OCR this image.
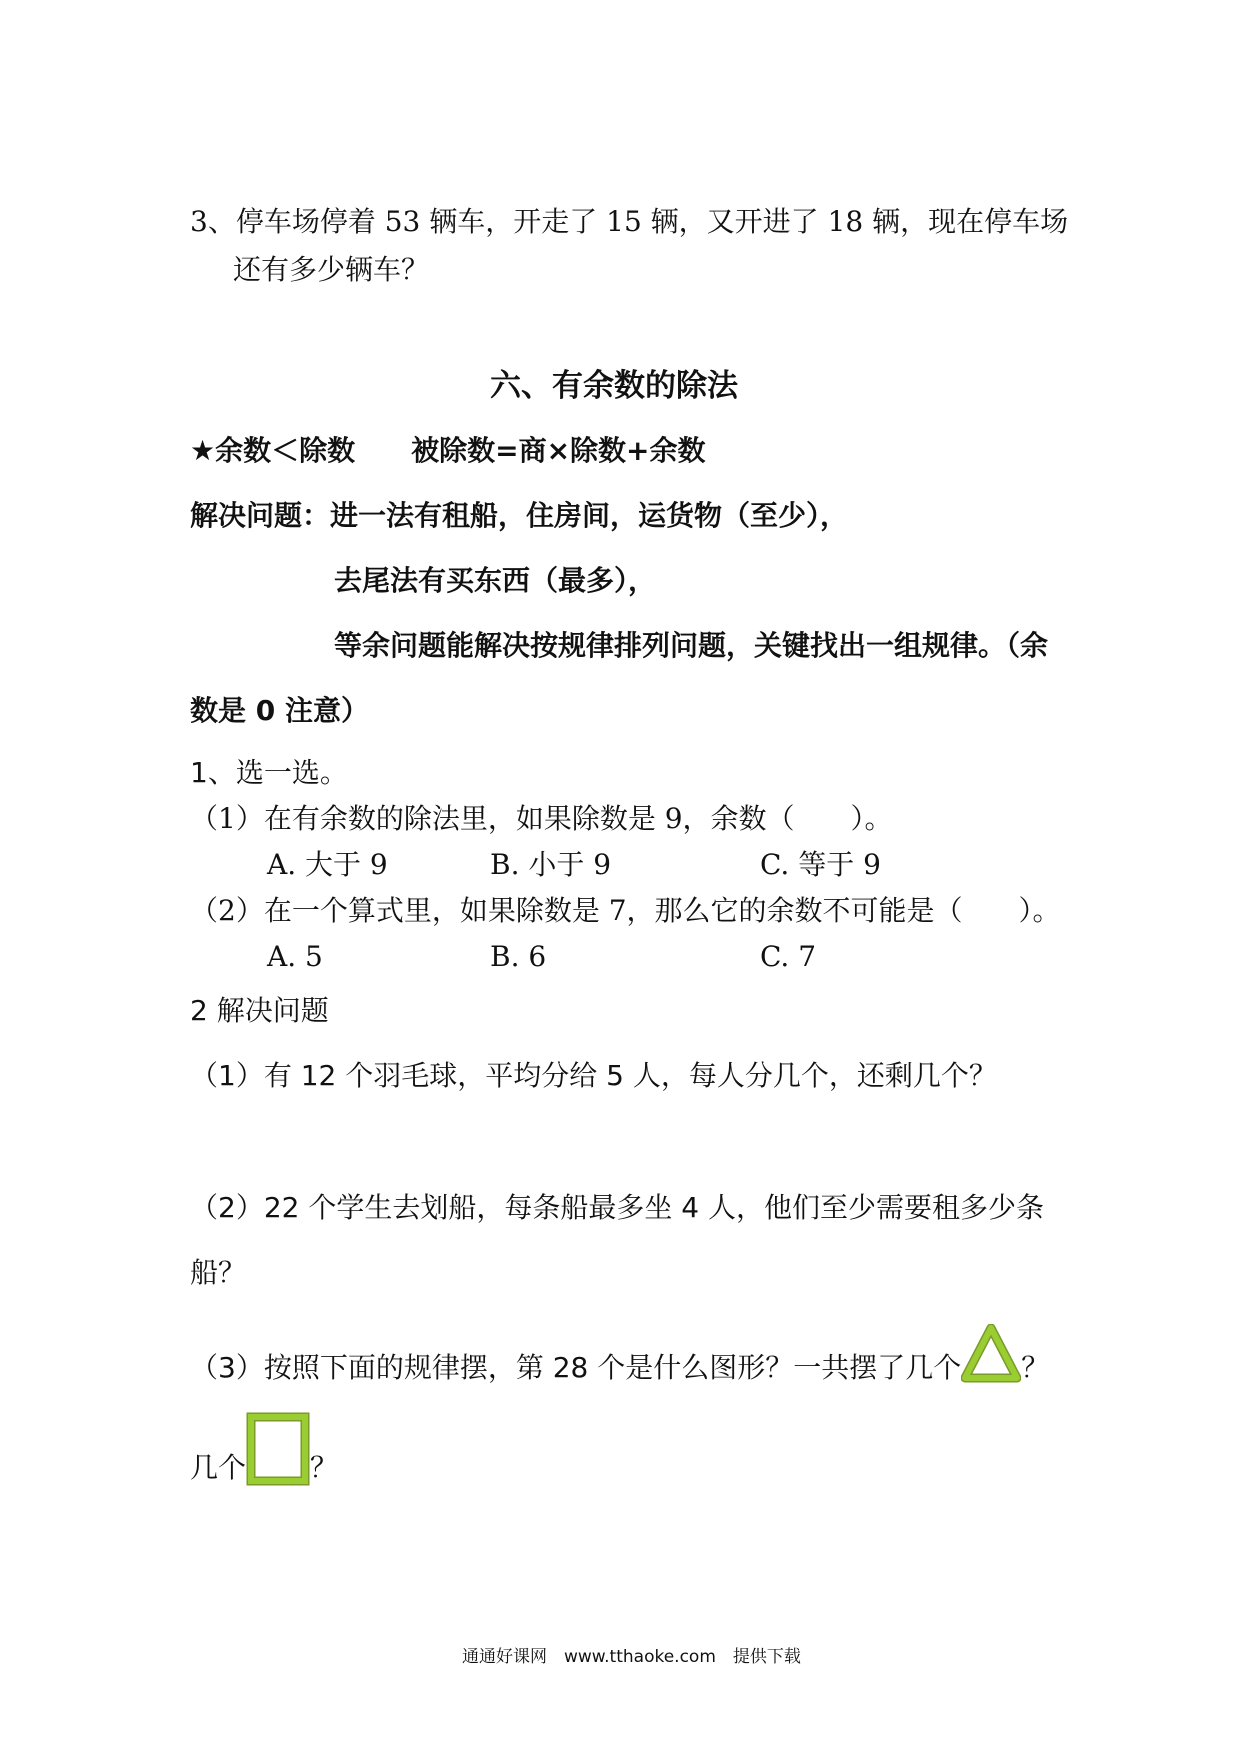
3、停车场停着 53 辆车，开走了 15 辆，又开进了 18 辆，现在停车场
还有多少辆车？
六、有余数的除法
★余数＜除数　　被除数=商×除数+余数
解决问题： 进一法有租船，住房间，运货物（至少），
去尾法有买东西（最多），
等余问题能解决按规律排列问题，关键找出一组规律。（余
数是 0 注意）
1、选一选。
（1）在有余数的除法里，如果除数是 9，余数（　　）。
A. 大于 9	B. 小于 9	C. 等于 9
（2）在一个算式里，如果除数是 7，那么它的余数不可能是（　　）。
A. 5	B. 6	C. 7
2 解决问题
（1）有 12 个羽毛球，平均分给 5 人，每人分几个，还剩几个？
（2）22 个学生去划船，每条船最多坐 4 人，他们至少需要租多少条
船？
（3）按照下面的规律摆，第 28 个是什么图形？一共摆了几个 ？
几个 ？
通通好课网　www.tthaoke.com　提供下载
